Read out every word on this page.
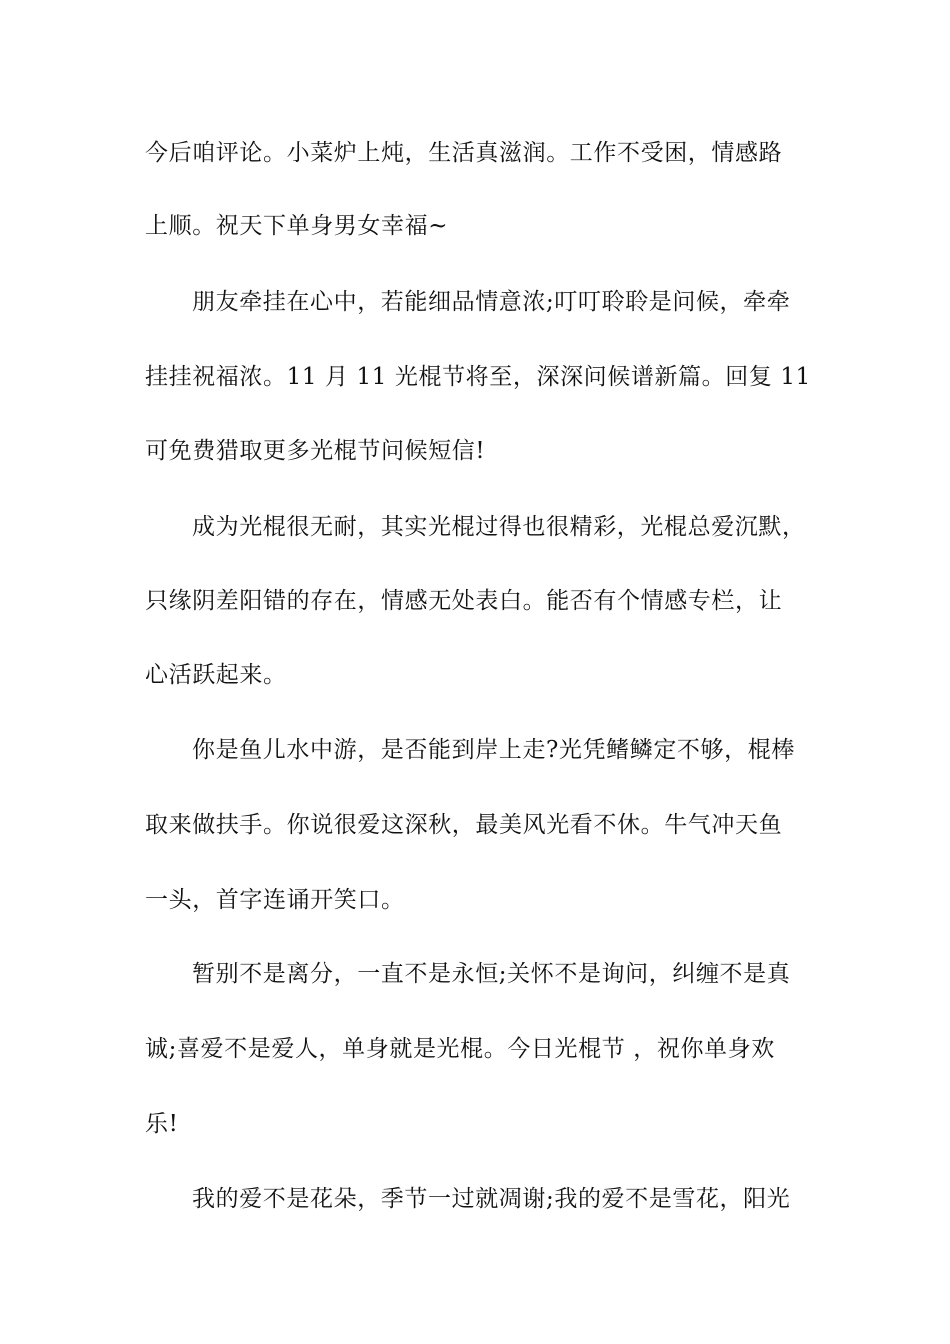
今后咱评论。小菜炉上炖，生活真滋润。工作不受困，情感路
上顺。祝天下单身男女幸福~
朋友牵挂在心中，若能细品情意浓;叮叮聆聆是问候，牵牵
挂挂祝福浓。11 月 11 光棍节将至，深深问候谱新篇。回复 11
可免费猎取更多光棍节问候短信!
成为光棍很无耐，其实光棍过得也很精彩，光棍总爱沉默，
只缘阴差阳错的存在，情感无处表白。能否有个情感专栏，让
心活跃起来。
你是鱼儿水中游，是否能到岸上走?光凭鳍鳞定不够，棍棒
取来做扶手。你说很爱这深秋，最美风光看不休。牛气冲天鱼
一头，首字连诵开笑口。
暂别不是离分，一直不是永恒;关怀不是询问，纠缠不是真
诚;喜爱不是爱人，单身就是光棍。今日光棍节 ，祝你单身欢
乐!
我的爱不是花朵，季节一过就凋谢;我的爱不是雪花，阳光
